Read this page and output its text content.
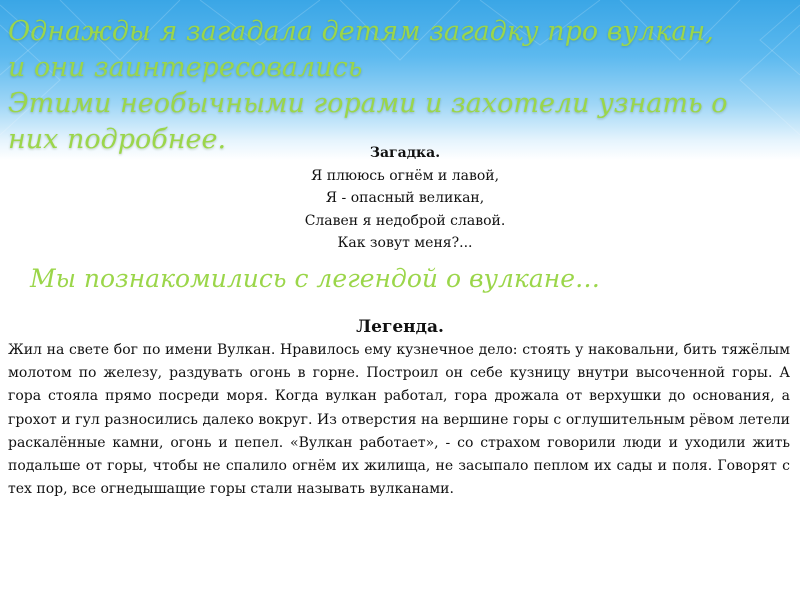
Однажды я загадала детям загадку про вулкан, и они заинтересовались
Этими необычными горами и захотели узнать о них подробнее.	Загадка.
Я плююсь огнём и лавой,
Я - опасный великан,
Славен я недоброй славой.
Как зовут меня?...

Мы познакомились с легендой о вулкане…

Легенда.

Жил на свете бог по имени Вулкан. Нравилось ему кузнечное дело: стоять у наковальни, бить тяжёлым молотом по железу, раздувать огонь в горне. Построил он себе кузницу внутри высоченной горы. А гора стояла прямо посреди моря. Когда вулкан работал, гора дрожала от верхушки до основания, а грохот и гул разносились далеко вокруг. Из отверстия на вершине горы с оглушительным рёвом летели раскалённые камни, огонь и пепел. «Вулкан работает», - со страхом говорили люди и уходили жить подальше от горы, чтобы не спалило огнём их жилища, не засыпало пеплом их сады и поля. Говорят с тех пор, все огнедышащие горы стали называть вулканами.
